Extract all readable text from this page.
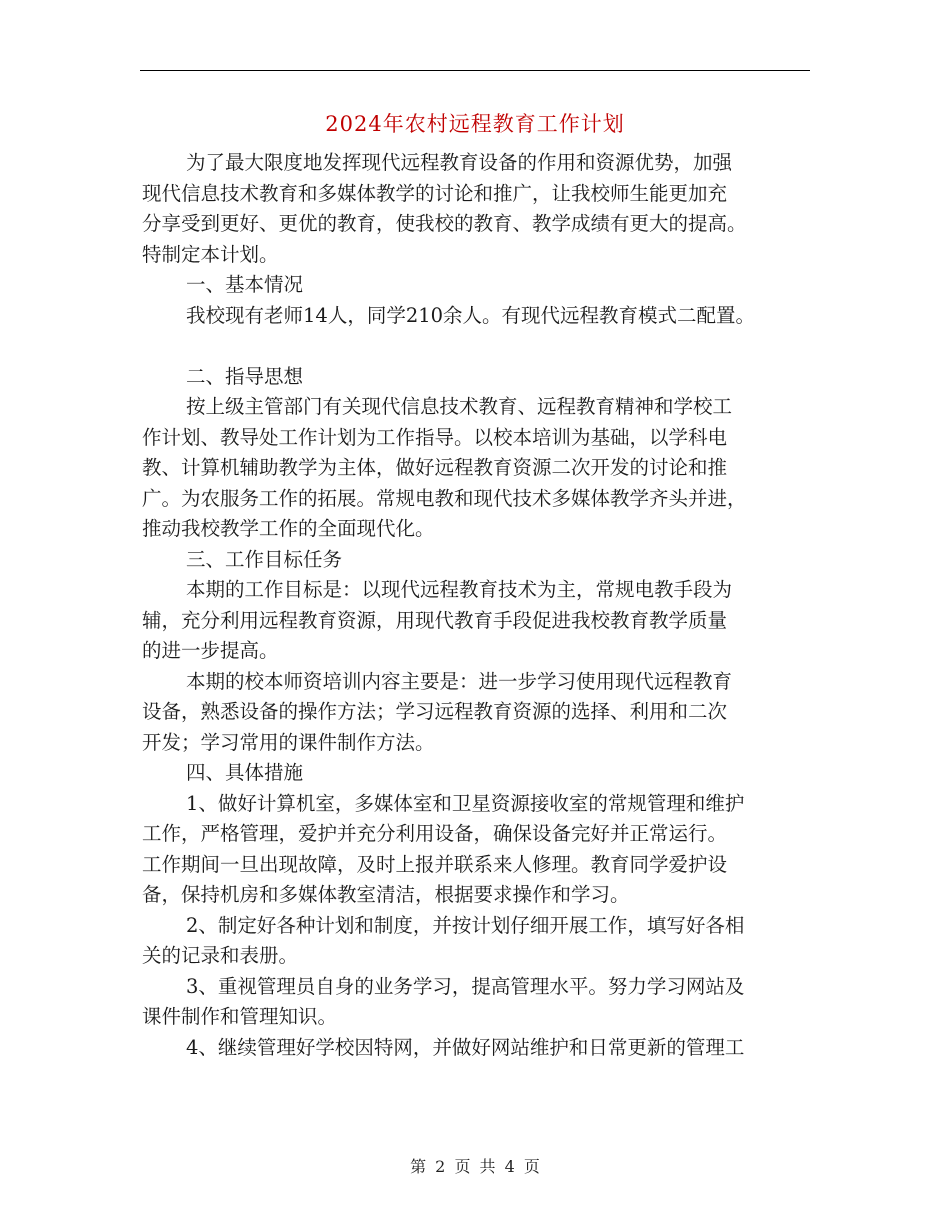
2024年农村远程教育工作计划

为了最大限度地发挥现代远程教育设备的作用和资源优势，加强

现代信息技术教育和多媒体教学的讨论和推广，让我校师生能更加充

分享受到更好、更优的教育，使我校的教育、教学成绩有更大的提高。

特制定本计划。

一、基本情况

我校现有老师14人，同学210余人。有现代远程教育模式二配置。

二、指导思想

按上级主管部门有关现代信息技术教育、远程教育精神和学校工

作计划、教导处工作计划为工作指导。以校本培训为基础，以学科电

教、计算机辅助教学为主体，做好远程教育资源二次开发的讨论和推

广。为农服务工作的拓展。常规电教和现代技术多媒体教学齐头并进，

推动我校教学工作的全面现代化。

三、工作目标任务

本期的工作目标是：以现代远程教育技术为主，常规电教手段为

辅，充分利用远程教育资源，用现代教育手段促进我校教育教学质量

的进一步提高。

本期的校本师资培训内容主要是：进一步学习使用现代远程教育

设备，熟悉设备的操作方法；学习远程教育资源的选择、利用和二次

开发；学习常用的课件制作方法。

四、具体措施

1、做好计算机室，多媒体室和卫星资源接收室的常规管理和维护

工作，严格管理，爱护并充分利用设备，确保设备完好并正常运行。

工作期间一旦出现故障，及时上报并联系来人修理。教育同学爱护设

备，保持机房和多媒体教室清洁，根据要求操作和学习。

2、制定好各种计划和制度，并按计划仔细开展工作，填写好各相

关的记录和表册。

3、重视管理员自身的业务学习，提高管理水平。努力学习网站及

课件制作和管理知识。

4、继续管理好学校因特网，并做好网站维护和日常更新的管理工

第 2 页 共 4 页
